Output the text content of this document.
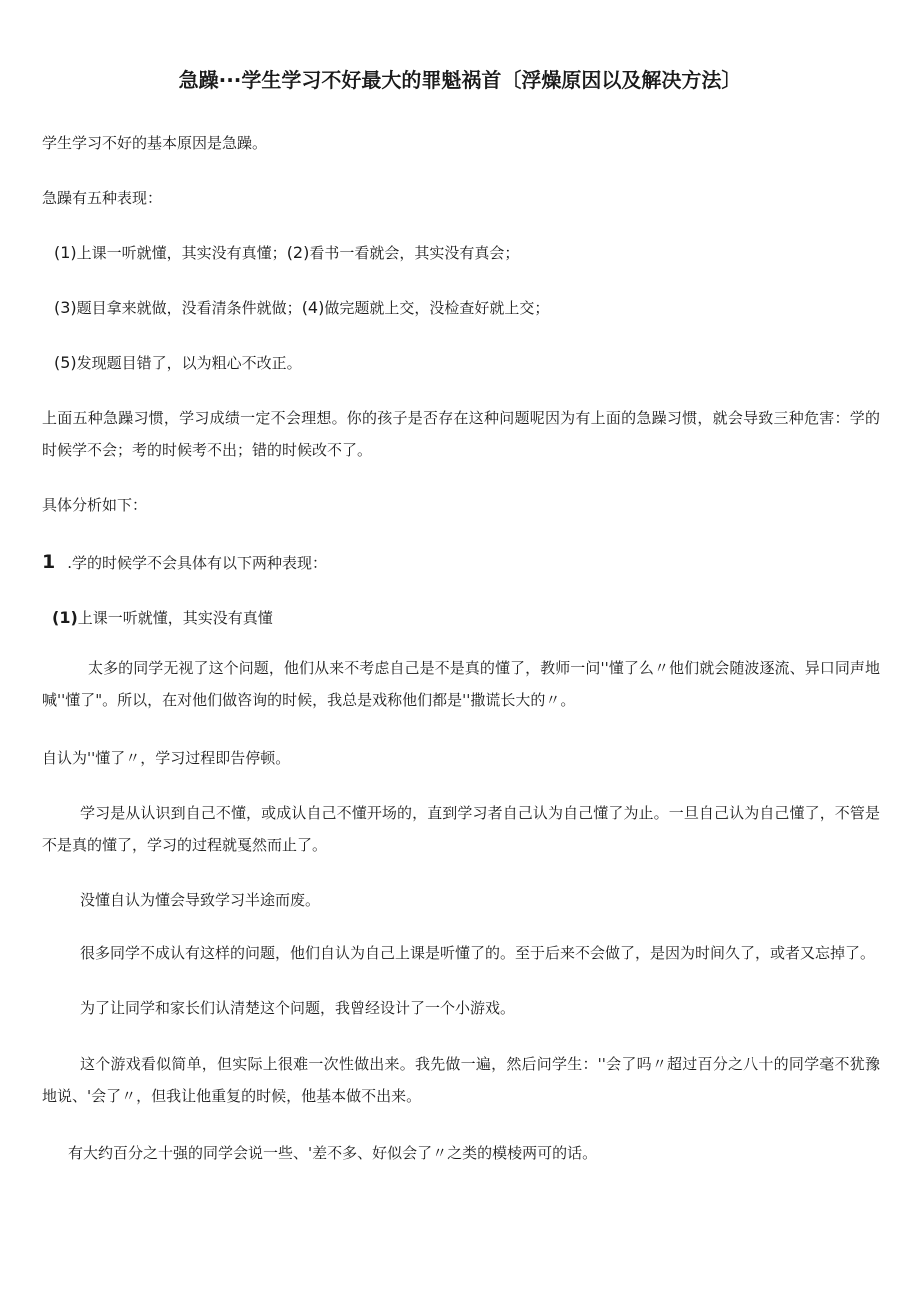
急躁···学生学习不好最大的罪魁祸首〔浮燥原因以及解决方法〕
学生学习不好的基本原因是急躁。
急躁有五种表现：
(1)上课一听就懂，其实没有真懂；(2)看书一看就会，其实没有真会；
(3)题目拿来就做，没看清条件就做；(4)做完题就上交，没检查好就上交；
(5)发现题目错了，以为粗心不改正。
上面五种急躁习惯，学习成绩一定不会理想。你的孩子是否存在这种问题呢因为有上面的急躁习惯，就会导致三种危害：学的时候学不会；考的时候考不出；错的时候改不了。
具体分析如下：
1 .学的时候学不会具体有以下两种表现：
(1)上课一听就懂，其实没有真懂
太多的同学无视了这个问题，他们从来不考虑自己是不是真的懂了，教师一问''懂了么〃他们就会随波逐流、异口同声地喊''懂了"。所以，在对他们做咨询的时候，我总是戏称他们都是''撒谎长大的〃。
自认为''懂了〃，学习过程即告停顿。
学习是从认识到自己不懂，或成认自己不懂开场的，直到学习者自己认为自己懂了为止。一旦自己认为自己懂了，不管是不是真的懂了，学习的过程就戛然而止了。
没懂自认为懂会导致学习半途而废。
很多同学不成认有这样的问题，他们自认为自己上课是听懂了的。至于后来不会做了，是因为时间久了，或者又忘掉了。
为了让同学和家长们认清楚这个问题，我曾经设计了一个小游戏。
这个游戏看似简单，但实际上很难一次性做出来。我先做一遍，然后问学生：''会了吗〃超过百分之八十的同学毫不犹豫地说、'会了〃，但我让他重复的时候，他基本做不出来。
有大约百分之十强的同学会说一些、'差不多、好似会了〃之类的模棱两可的话。
